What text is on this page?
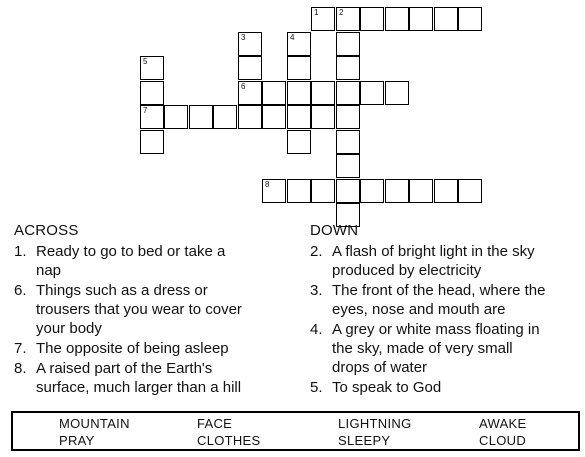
1	2
3	4
5
6
7
8
ACROSS
1. Ready to go to bed or take a
nap
6. Things such as a dress or
trousers that you wear to cover
your body
7. The opposite of being asleep
8. A raised part of the Earth's
surface, much larger than a hill
DOWN
2. A flash of bright light in the sky
produced by electricity
3. The front of the head, where the
eyes, nose and mouth are
4. A grey or white mass floating in
the sky, made of very small
drops of water
5. To speak to God
MOUNTAIN	FACE	LIGHTNING	AWAKE
PRAY	CLOTHES	SLEEPY	CLOUD
